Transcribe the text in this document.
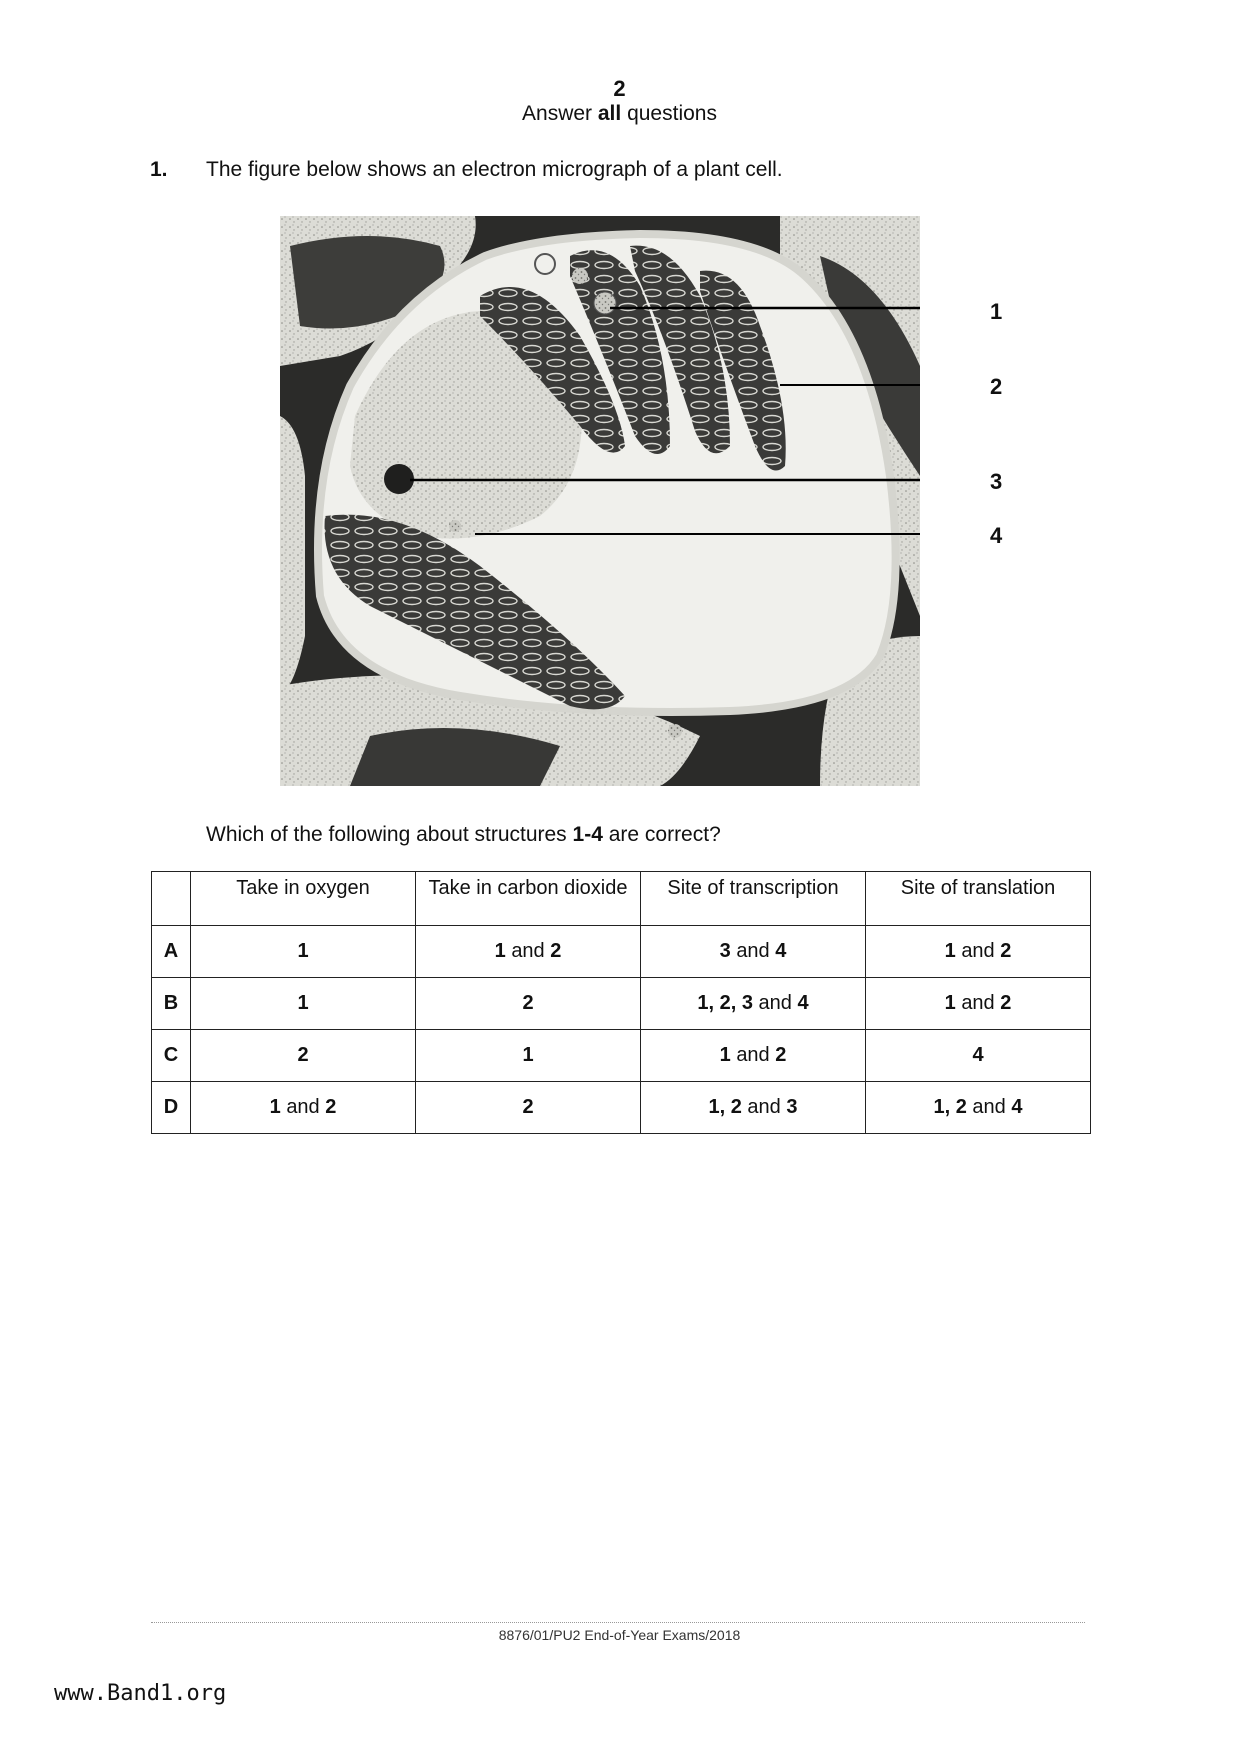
2
Answer all questions
1. The figure below shows an electron micrograph of a plant cell.
1
2
3
4
Which of the following about structures 1-4 are correct?
	Take in oxygen	Take in carbon dioxide	Site of transcription	Site of translation
A	1	1 and 2	3 and 4	1 and 2
B	1	2	1, 2, 3 and 4	1 and 2
C	2	1	1 and 2	4
D	1 and 2	2	1, 2 and 3	1, 2 and 4
8876/01/PU2 End-of-Year Exams/2018
www.Band1.org
